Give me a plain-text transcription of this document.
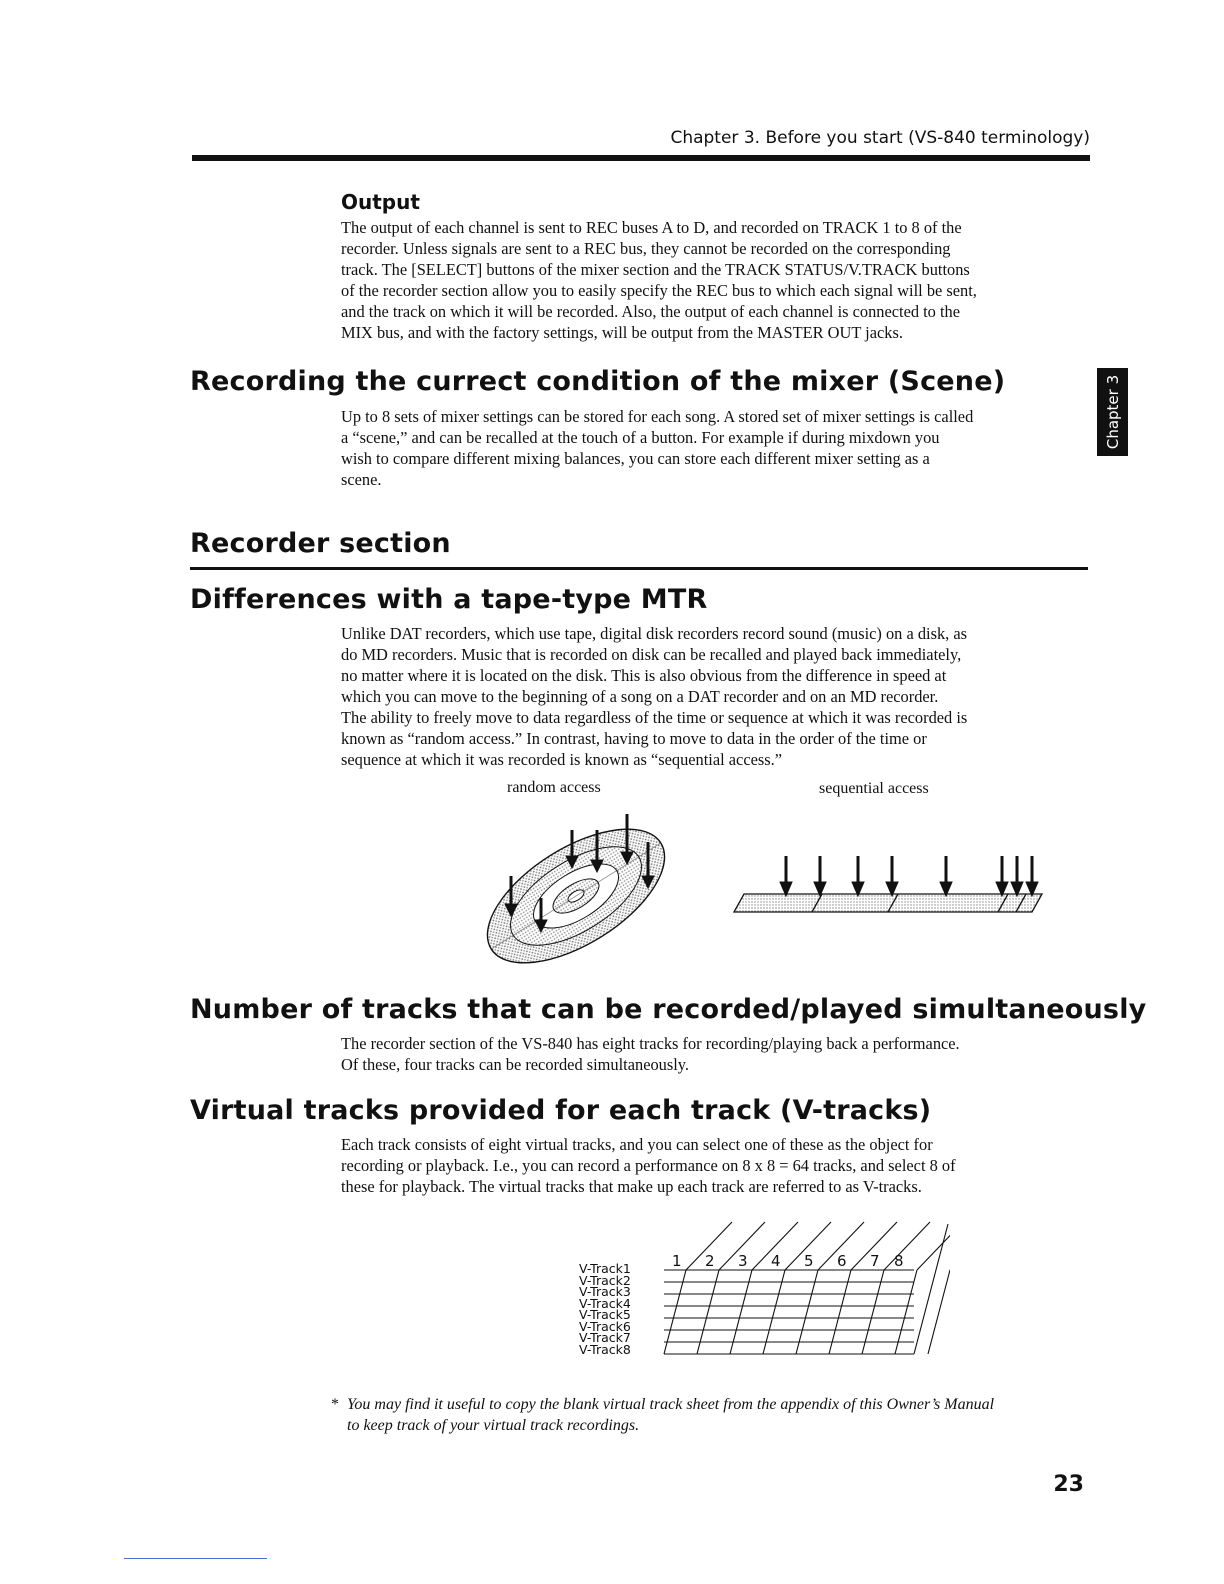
Chapter 3. Before you start (VS-840 terminology)
Chapter 3
Output
The output of each channel is sent to REC buses A to D, and recorded on TRACK 1 to 8 of the
recorder. Unless signals are sent to a REC bus, they cannot be recorded on the corresponding
track. The [SELECT] buttons of the mixer section and the TRACK STATUS/V.TRACK buttons
of the recorder section allow you to easily specify the REC bus to which each signal will be sent,
and the track on which it will be recorded. Also, the output of each channel is connected to the
MIX bus, and with the factory settings, will be output from the MASTER OUT jacks.
Recording the currect condition of the mixer (Scene)
Up to 8 sets of mixer settings can be stored for each song. A stored set of mixer settings is called
a “scene,” and can be recalled at the touch of a button. For example if during mixdown you
wish to compare different mixing balances, you can store each different mixer setting as a
scene.
Recorder section
Differences with a tape-type MTR
Unlike DAT recorders, which use tape, digital disk recorders record sound (music) on a disk, as
do MD recorders. Music that is recorded on disk can be recalled and played back immediately,
no matter where it is located on the disk. This is also obvious from the difference in speed at
which you can move to the beginning of a song on a DAT recorder and on an MD recorder.
The ability to freely move to data regardless of the time or sequence at which it was recorded is
known as “random access.” In contrast, having to move to data in the order of the time or
sequence at which it was recorded is known as “sequential access.”
random access	sequential access
Number of tracks that can be recorded/played simultaneously
The recorder section of the VS-840 has eight tracks for recording/playing back a performance.
Of these, four tracks can be recorded simultaneously.
Virtual tracks provided for each track (V-tracks)
Each track consists of eight virtual tracks, and you can select one of these as the object for
recording or playback. I.e., you can record a performance on 8 x 8 = 64 tracks, and select 8 of
these for playback. The virtual tracks that make up each track are referred to as V-tracks.
V-Track1
V-Track2
V-Track3
V-Track4
V-Track5
V-Track6
V-Track7
V-Track8
1 2 3 4 5 6 7 8
* You may find it useful to copy the blank virtual track sheet from the appendix of this Owner’s Manual
to keep track of your virtual track recordings.
23
